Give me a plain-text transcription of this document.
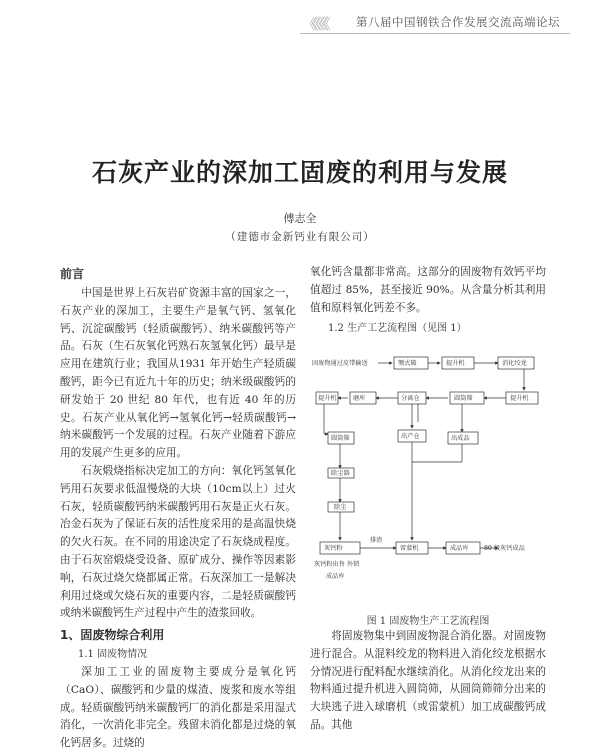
《《《《《	第八届中国钢铁合作发展交流高端论坛
石灰产业的深加工固废的利用与发展
傅志全
（建德市金新钙业有限公司）
前言
中国是世界上石灰岩矿资源丰富的国家之一，石灰产业的深加工，主要生产是氧气钙、氢氧化钙、沉淀碳酸钙（轻质碳酸钙）、纳米碳酸钙等产品。石灰（生石灰氧化钙熟石灰氢氧化钙）最早是应用在建筑行业；我国从1931 年开始生产轻质碳酸钙，距今已有近九十年的历史；纳米级碳酸钙的研发始于 20 世纪 80 年代，也有近 40 年的历史。石灰产业从氧化钙→氢氧化钙→轻质碳酸钙→纳米碳酸钙一个发展的过程。石灰产业随着下游应用的发展产生更多的应用。
石灰煅烧指标决定加工的方向：氧化钙氢氧化钙用石灰要求低温慢烧的大块（10cm以上）过火石灰，轻质碳酸钙纳米碳酸钙用石灰是正火石灰。冶金石灰为了保证石灰的活性度采用的是高温快烧的欠火石灰。在不同的用途决定了石灰烧成程度。由于石灰窑煅烧受设备、原矿成分、操作等因素影响，石灰过烧欠烧都属正常。石灰深加工一是解决利用过烧或欠烧石灰的重要内容，二是轻质碳酸钙或纳米碳酸钙生产过程中产生的渣浆回收。
1、固废物综合利用
1.1 固废物情况
深加工工业的固废物主要成分是氧化钙（CaO）、碳酸钙和少量的煤渣、废浆和废水等组成。轻质碳酸钙纳米碳酸钙厂的消化都是采用湿式消化，一次消化非完全。残留未消化都是过烧的氧化钙居多。过烧的
氧化钙含量都非常高。这部分的固废物有效钙平均值超过 85%，甚至接近 90%。从含量分析其利用值和原料氧化钙差不多。
1.2 生产工艺流程图（见图 1）
固废物通过皮带输送	颚式破	提升机	消化绞龙
提升机
圆筒筛
分离仓
磨库
提升机
圆筒筛	出产仓	出成品
除尘器
除尘
灰钙粉	雷蒙机	成品库 80 级灰钙成品
排渣
灰钙粉出售 外销
成品库
图 1 固废物生产工艺流程图
将固废物集中到固废物混合消化器。对固废物进行混合。从混料绞龙的物料进入消化绞龙根据水分情况进行配料配水继续消化。从消化绞龙出来的物料通过提升机进入圆筒筛，从圆筒筛筛分出来的大块逃子进入球磨机（或雷蒙机）加工成碳酸钙成品。其他
